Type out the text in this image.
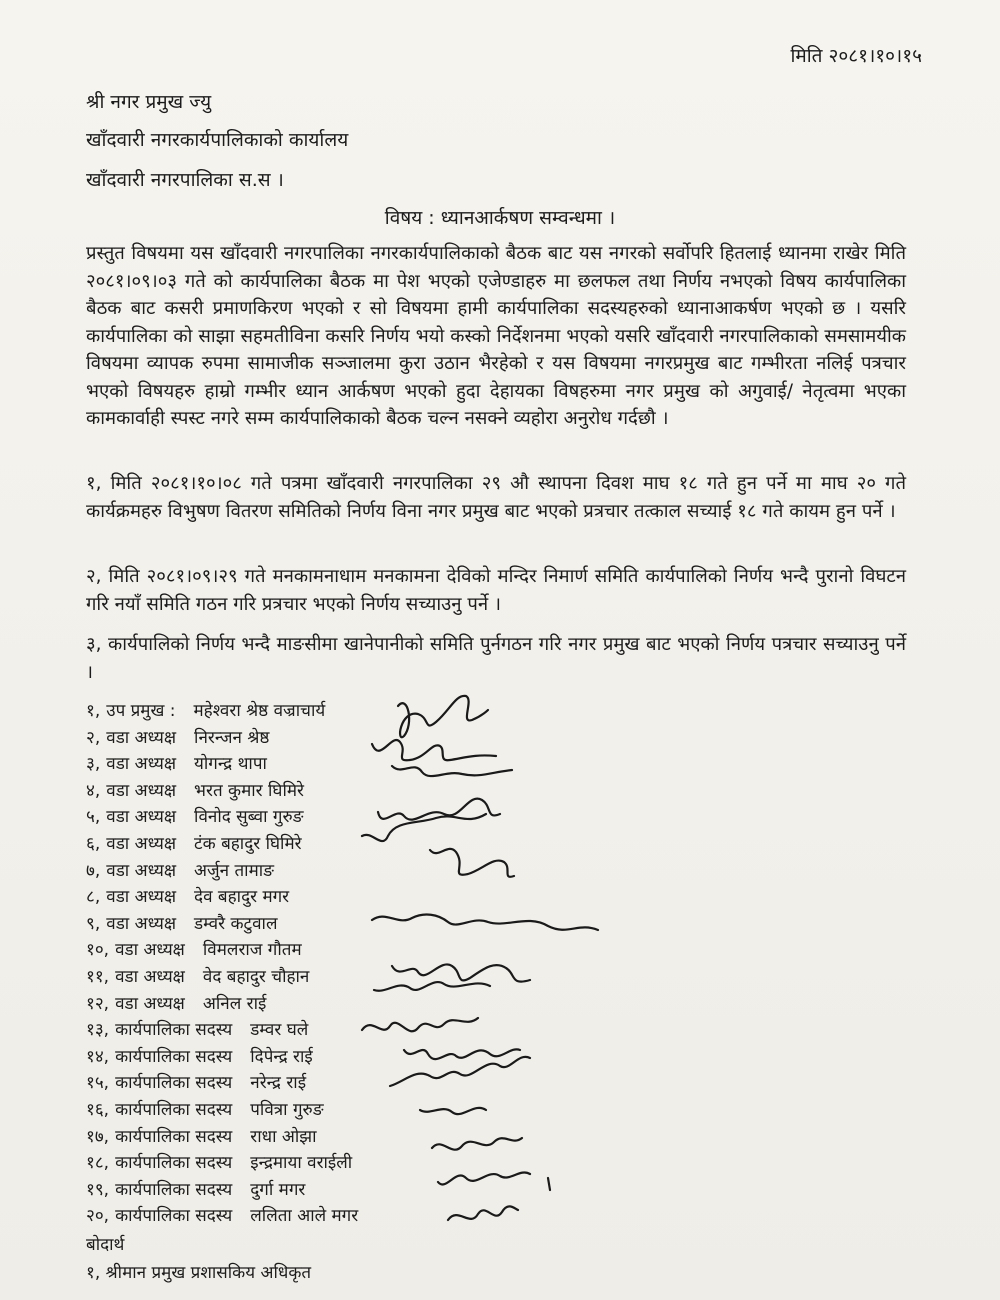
मिति २०८१।१०।१५
श्री नगर प्रमुख ज्यु
खाँदवारी नगरकार्यपालिकाको कार्यालय
खाँदवारी नगरपालिका स.स ।
विषय : ध्यानआर्कषण सम्वन्धमा ।
प्रस्तुत विषयमा यस खाँदवारी नगरपालिका नगरकार्यपालिकाको बैठक बाट यस नगरको सर्वोपरि हितलाई ध्यानमा राखेर मिति २०८१।०९।०३ गते को कार्यपालिका बैठक मा पेश भएको एजेण्डाहरु मा छलफल तथा निर्णय नभएको विषय कार्यपालिका बैठक बाट कसरी प्रमाणकिरण भएको र सो विषयमा हामी कार्यपालिका सदस्यहरुको ध्यानाआकर्षण भएको छ । यसरि कार्यपालिका को साझा सहमतीविना कसरि निर्णय भयो कस्को निर्देशनमा भएको यसरि खाँदवारी नगरपालिकाको समसामयीक विषयमा व्यापक रुपमा सामाजीक सञ्जालमा कुरा उठान भैरहेको र यस विषयमा नगरप्रमुख बाट गम्भीरता नलिई पत्रचार भएको विषयहरु हाम्रो गम्भीर ध्यान आर्कषण भएको हुदा देहायका विषहरुमा नगर प्रमुख को अगुवाई/ नेतृत्वमा भएका कामकार्वाही स्पस्ट नगरे सम्म कार्यपालिकाको बैठक चल्न नसक्ने व्यहोरा अनुरोध गर्दछौ ।
१, मिति २०८१।१०।०८ गते पत्रमा खाँदवारी नगरपालिका २९ औ स्थापना दिवश माघ १८ गते हुन पर्ने मा माघ २० गते कार्यक्रमहरु विभुषण वितरण समितिको निर्णय विना नगर प्रमुख बाट भएको प्रत्रचार तत्काल सच्याई १८ गते कायम हुन पर्ने ।
२, मिति २०८१।०९।२९ गते मनकामनाधाम मनकामना देविको मन्दिर निमार्ण समिति कार्यपालिको निर्णय भन्दै पुरानो विघटन गरि नयाँ समिति गठन गरि प्रत्रचार भएको निर्णय सच्याउनु पर्ने ।
३, कार्यपालिको निर्णय भन्दै माङसीमा खानेपानीको समिति पुर्नगठन गरि नगर प्रमुख बाट भएको निर्णय पत्रचार सच्याउनु पर्ने ।
१, उप प्रमुख : महेश्वरा श्रेष्ठ वज्राचार्य
२, वडा अध्यक्ष निरन्जन श्रेष्ठ
३, वडा अध्यक्ष योगन्द्र थापा
४, वडा अध्यक्ष भरत कुमार घिमिरे
५, वडा अध्यक्ष विनोद सुब्वा गुरुङ
६, वडा अध्यक्ष टंक बहादुर घिमिरे
७, वडा अध्यक्ष अर्जुन तामाङ
८, वडा अध्यक्ष देव बहादुर मगर
९, वडा अध्यक्ष डम्वरै कटुवाल
१०, वडा अध्यक्ष विमलराज गौतम
११, वडा अध्यक्ष वेद बहादुर चौहान
१२, वडा अध्यक्ष अनिल राई
१३, कार्यपालिका सदस्य डम्वर घले
१४, कार्यपालिका सदस्य दिपेन्द्र राई
१५, कार्यपालिका सदस्य नरेन्द्र राई
१६, कार्यपालिका सदस्य पवित्रा गुरुङ
१७, कार्यपालिका सदस्य राधा ओझा
१८, कार्यपालिका सदस्य इन्द्रमाया वराईली
१९, कार्यपालिका सदस्य दुर्गा मगर
२०, कार्यपालिका सदस्य ललिता आले मगर
बोदार्थ
१, श्रीमान प्रमुख प्रशासकिय अधिकृत
